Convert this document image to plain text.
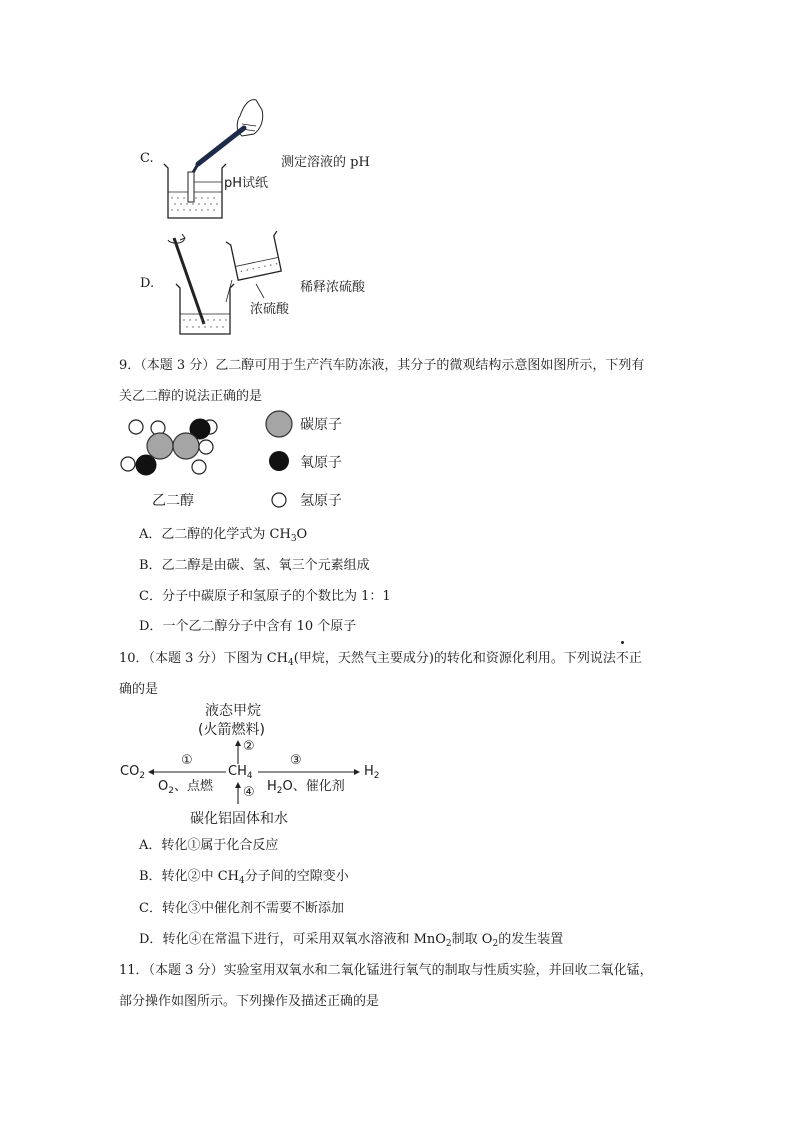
C.
pH试纸
测定溶液的 pH
D.
浓硫酸
稀释浓硫酸
9．（本题 3 分）乙二醇可用于生产汽车防冻液，其分子的微观结构示意图如图所示，下列有
关乙二醇的说法正确的是
乙二醇
碳原子
氧原子
氢原子
A．乙二醇的化学式为 $CH_3O$
B．乙二醇是由碳、氢、氧三个元素组成
C．分子中碳原子和氢原子的个数比为 1：1
D．一个乙二醇分子中含有 10 个原子
10．（本题 3 分）下图为 $CH_4$(甲烷，天然气主要成分)的转化和资源化利用。下列说法不
正
确的是
液态甲烷
(火箭燃料)
②
$CO_2$
①
$O_2$、点燃
$CH_4$
③
$H_2O$、催化剂
$H_2$
④
碳化铝固体和水
A．转化①属于化合反应
B．转化②中 $CH_4$分子间的空隙变小
C．转化③中催化剂不需要不断添加
D．转化④在常温下进行，可采用双氧水溶液和 MnO$_2$制取 $O_2$的发生装置
11．（本题 3 分）实验室用双氧水和二氧化锰进行氧气的制取与性质实验，并回收二氧化锰，
部分操作如图所示。下列操作及描述正确的是
